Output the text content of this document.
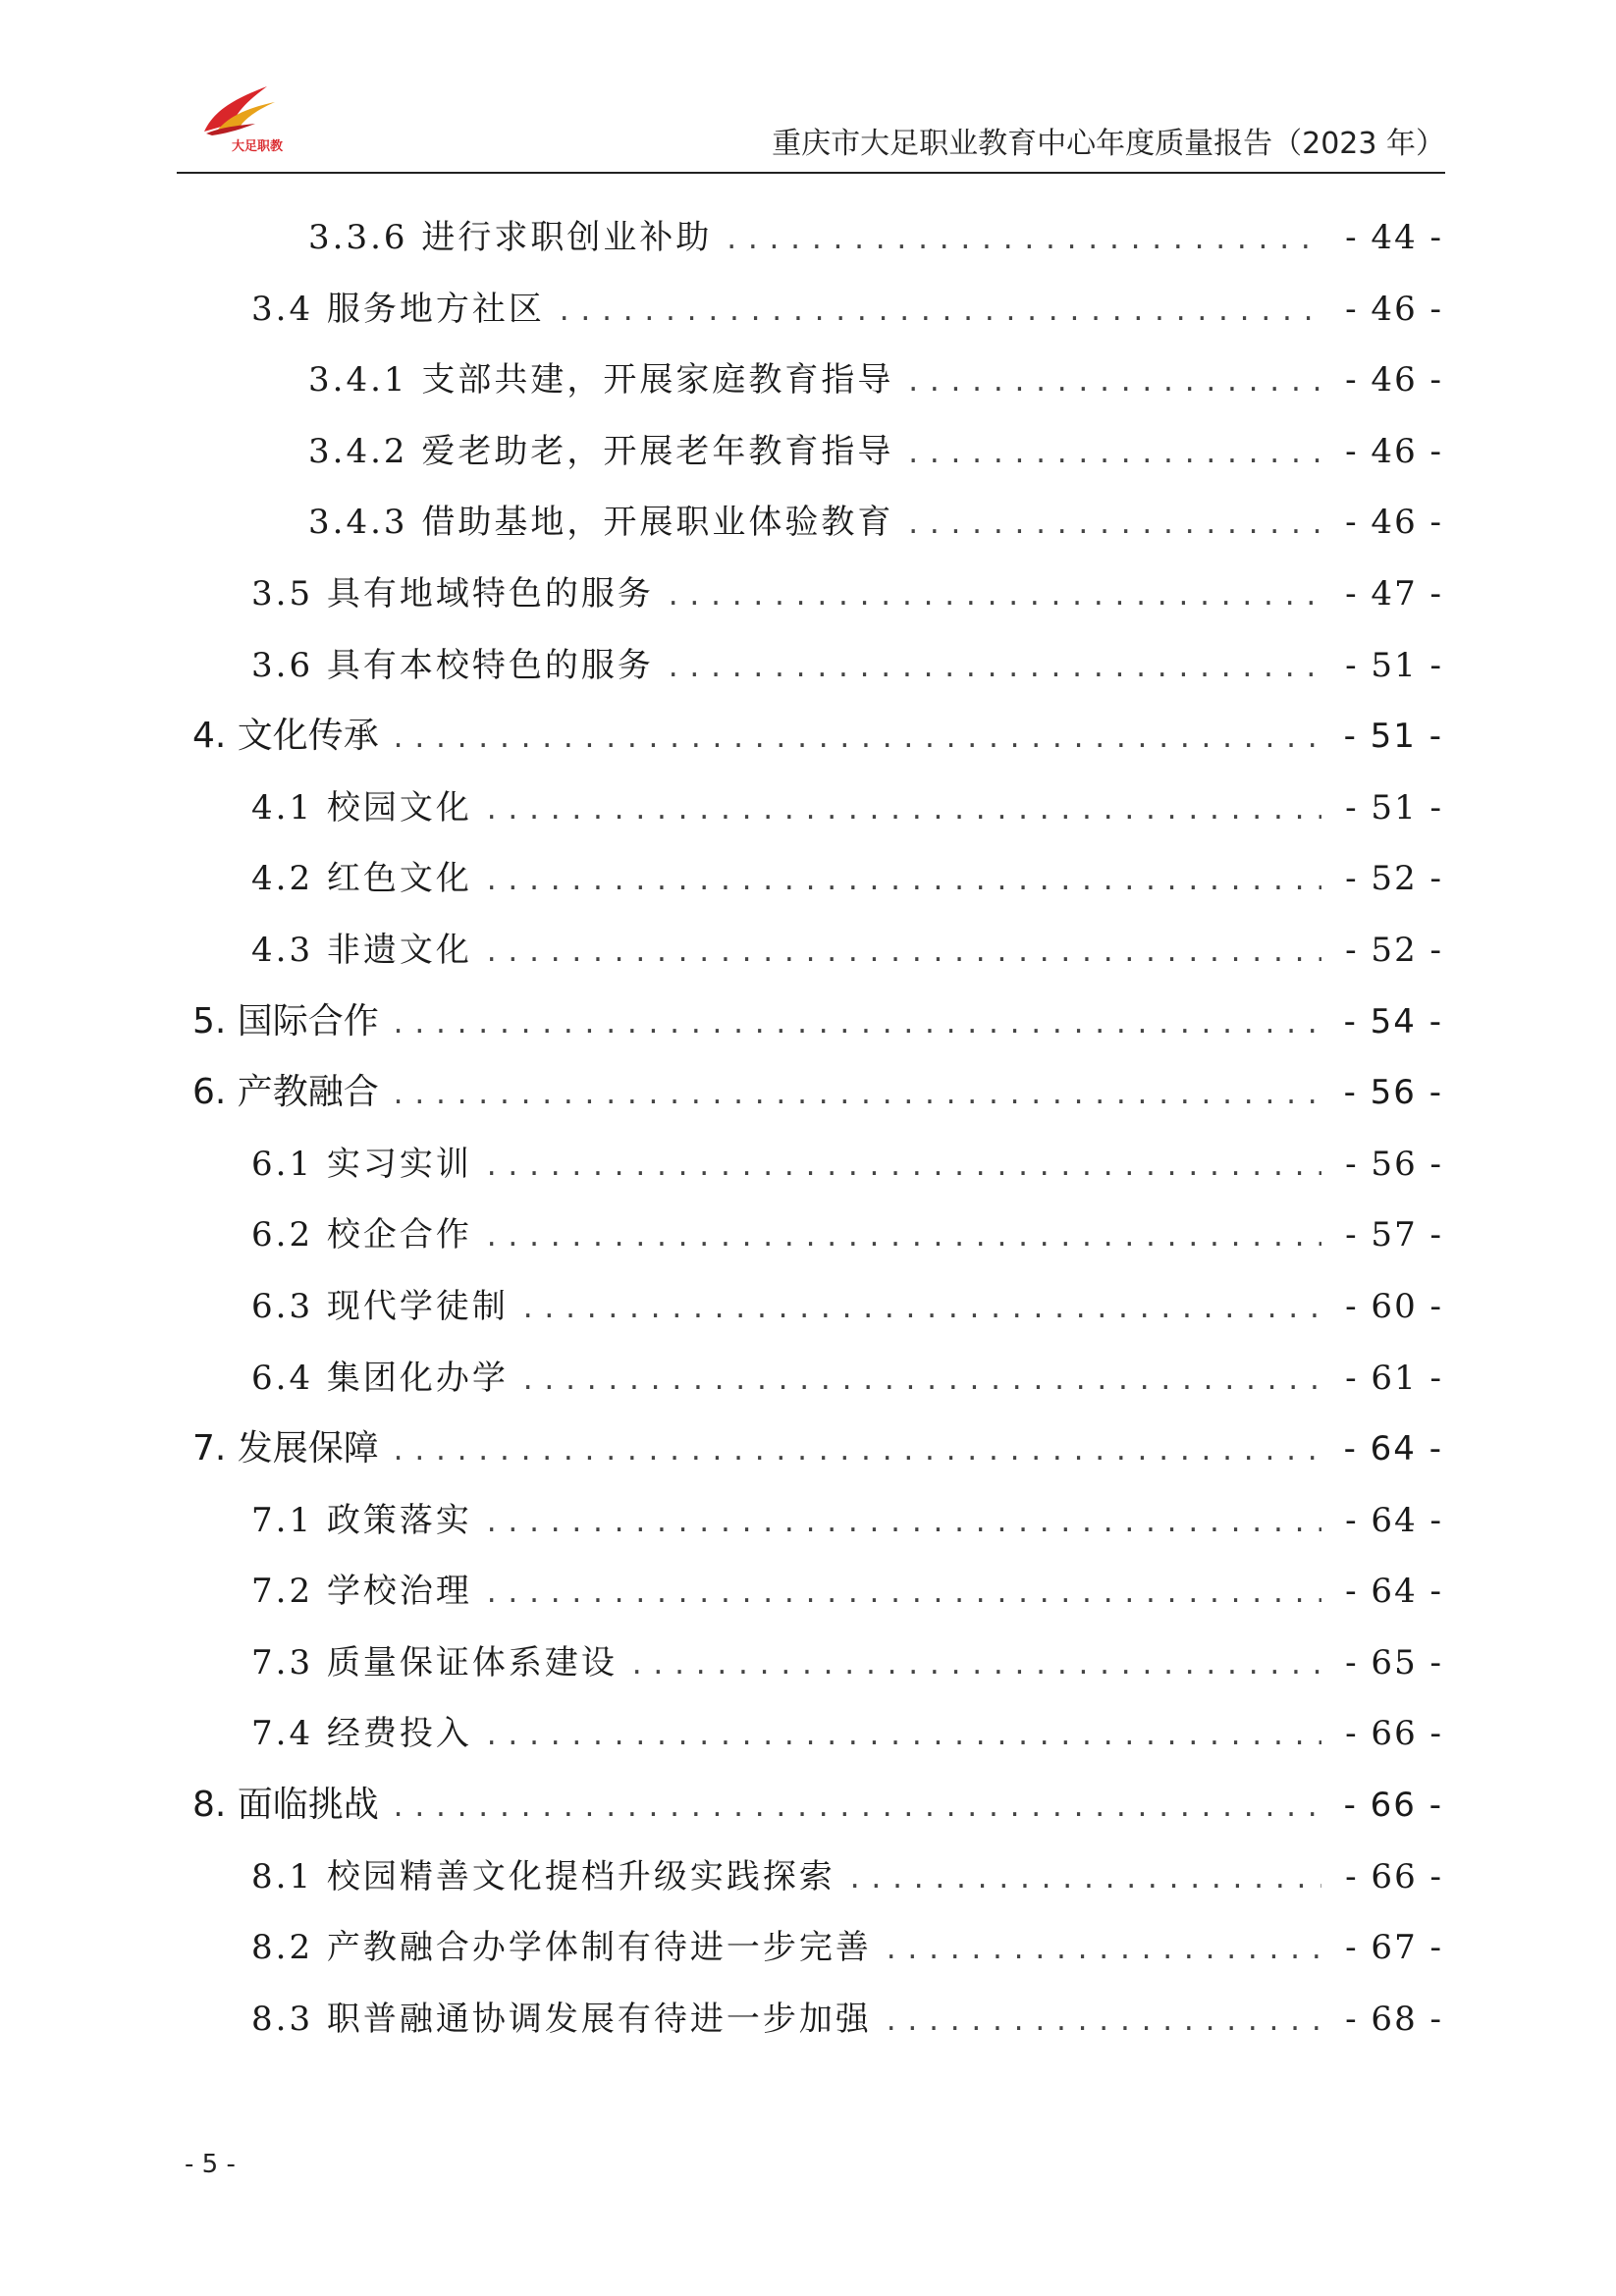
大足职教	重庆市大足职业教育中心年度质量报告（2023 年）
3.3.6 进行求职创业补助 .....	- 44 -
3.4 服务地方社区 .....	- 46 -
3.4.1 支部共建，开展家庭教育指导 .....	- 46 -
3.4.2 爱老助老，开展老年教育指导 .....	- 46 -
3.4.3 借助基地，开展职业体验教育 .....	- 46 -
3.5 具有地域特色的服务 .....	- 47 -
3.6 具有本校特色的服务 .....	- 51 -
4. 文化传承 .....	- 51 -
4.1 校园文化 .....	- 51 -
4.2 红色文化 .....	- 52 -
4.3 非遗文化 .....	- 52 -
5. 国际合作 .....	- 54 -
6. 产教融合 .....	- 56 -
6.1 实习实训 .....	- 56 -
6.2 校企合作 .....	- 57 -
6.3 现代学徒制 .....	- 60 -
6.4 集团化办学 .....	- 61 -
7. 发展保障 .....	- 64 -
7.1 政策落实 .....	- 64 -
7.2 学校治理 .....	- 64 -
7.3 质量保证体系建设 .....	- 65 -
7.4 经费投入 .....	- 66 -
8. 面临挑战 .....	- 66 -
8.1 校园精善文化提档升级实践探索 .....	- 66 -
8.2 产教融合办学体制有待进一步完善 .....	- 67 -
8.3 职普融通协调发展有待进一步加强 .....	- 68 -
- 5 -
